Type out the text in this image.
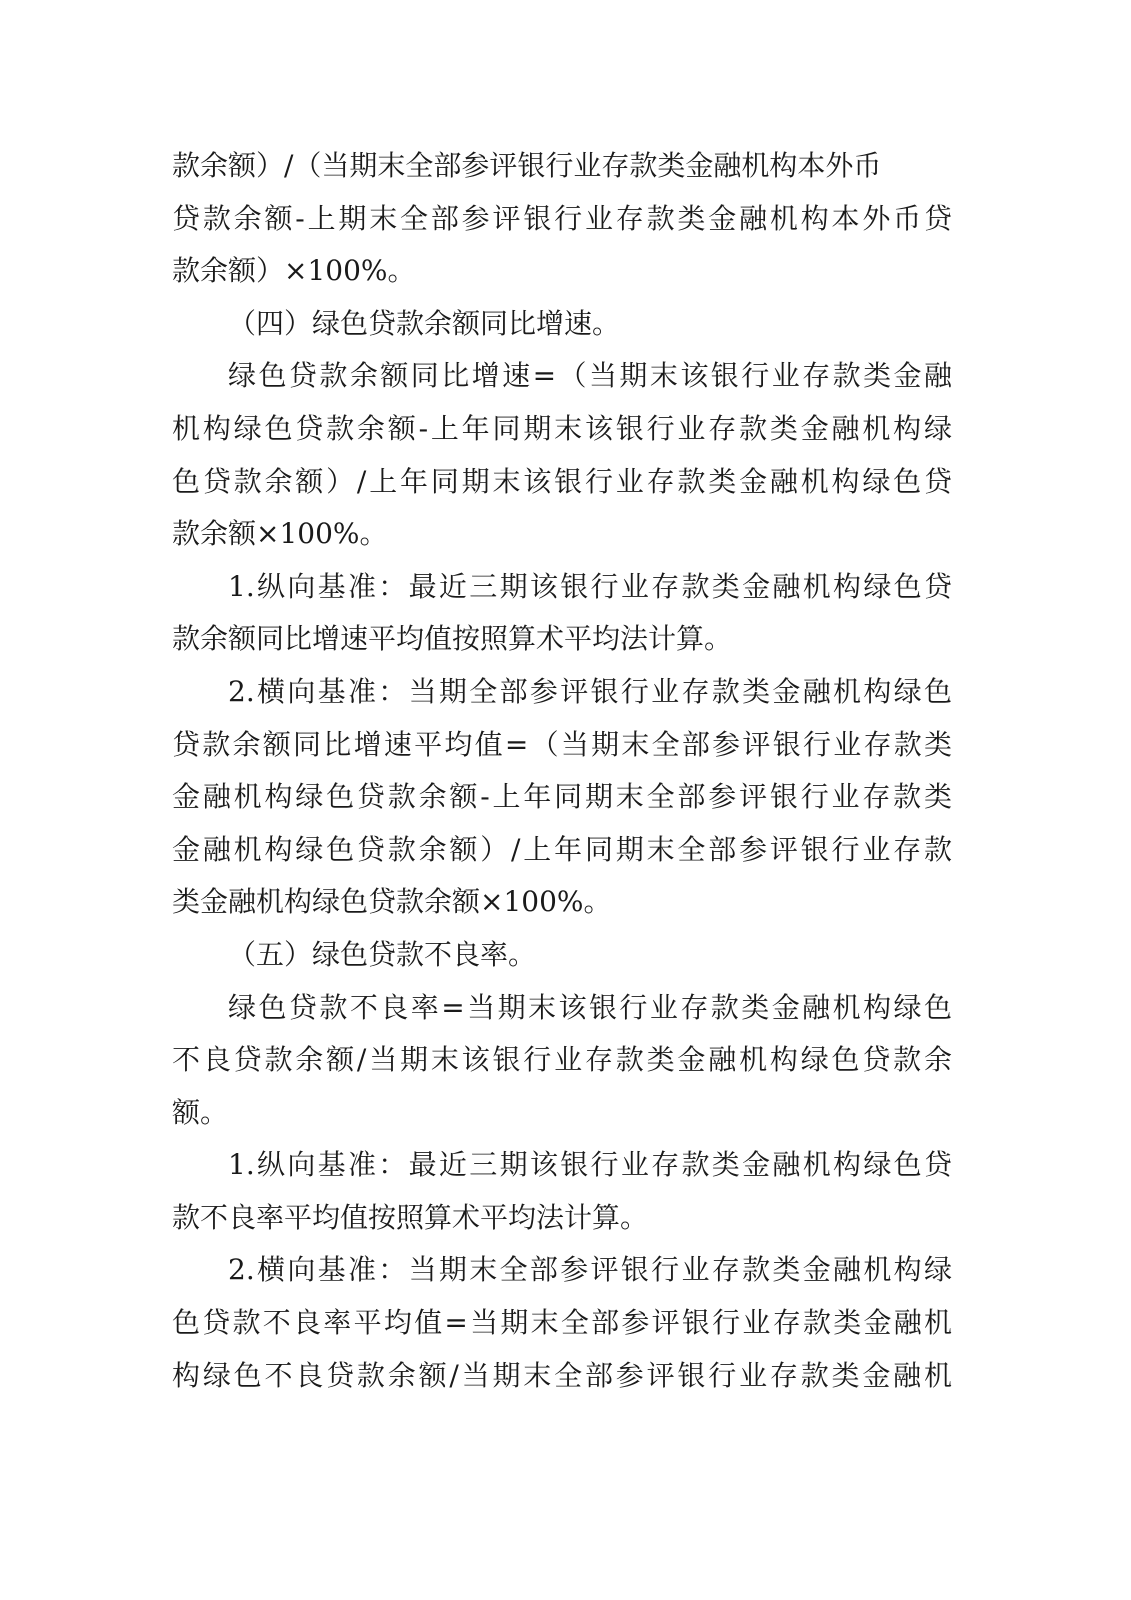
款余额）/（当期末全部参评银行业存款类金融机构本外币
贷款余额-上期末全部参评银行业存款类金融机构本外币贷
款余额）×100%。
（四）绿色贷款余额同比增速。
绿色贷款余额同比增速=（当期末该银行业存款类金融
机构绿色贷款余额-上年同期末该银行业存款类金融机构绿
色贷款余额）/上年同期末该银行业存款类金融机构绿色贷
款余额×100%。
1.纵向基准：最近三期该银行业存款类金融机构绿色贷
款余额同比增速平均值按照算术平均法计算。
2.横向基准：当期全部参评银行业存款类金融机构绿色
贷款余额同比增速平均值=（当期末全部参评银行业存款类
金融机构绿色贷款余额-上年同期末全部参评银行业存款类
金融机构绿色贷款余额）/上年同期末全部参评银行业存款
类金融机构绿色贷款余额×100%。
（五）绿色贷款不良率。
绿色贷款不良率=当期末该银行业存款类金融机构绿色
不良贷款余额/当期末该银行业存款类金融机构绿色贷款余
额。
1.纵向基准：最近三期该银行业存款类金融机构绿色贷
款不良率平均值按照算术平均法计算。
2.横向基准：当期末全部参评银行业存款类金融机构绿
色贷款不良率平均值=当期末全部参评银行业存款类金融机
构绿色不良贷款余额/当期末全部参评银行业存款类金融机
